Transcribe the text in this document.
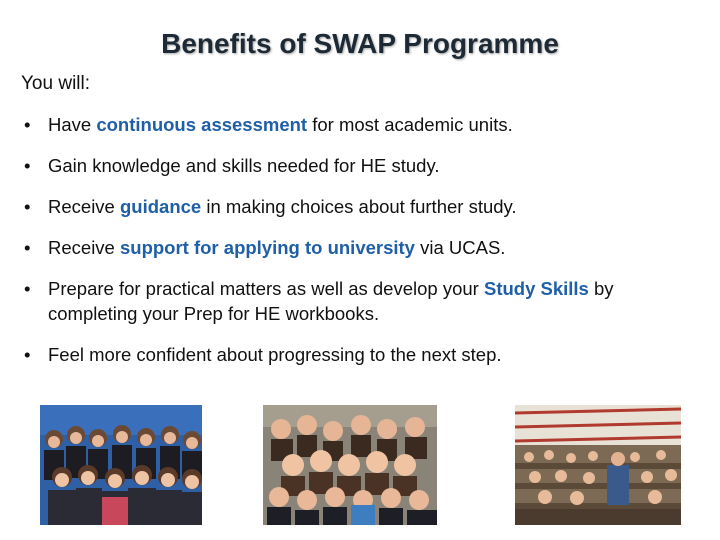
Benefits of SWAP Programme
You will:
• Have continuous assessment for most academic units.
• Gain knowledge and skills needed for HE study.
• Receive guidance in making choices about further study.
• Receive support for applying to university via UCAS.
• Prepare for practical matters as well as develop your Study Skills by completing your Prep for HE workbooks.
• Feel more confident about progressing to the next step.
